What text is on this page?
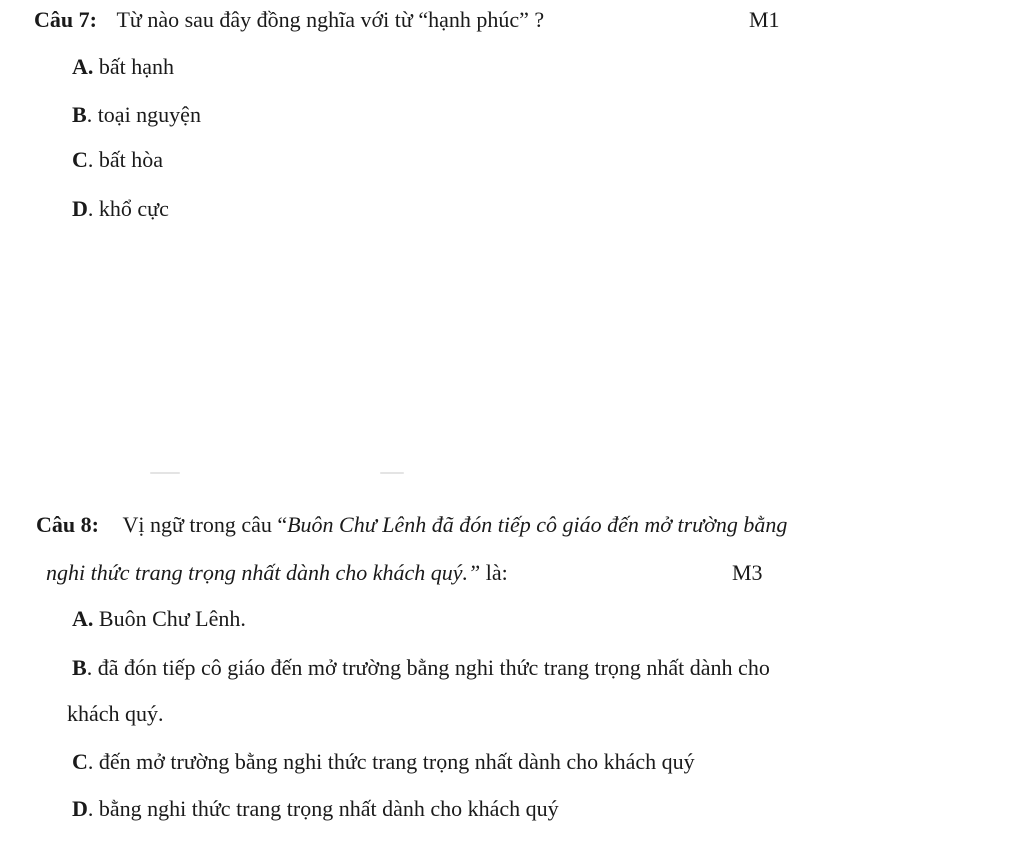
Câu 7: Từ nào sau đây đồng nghĩa với từ “hạnh phúc” ?	M1
A. bất hạnh
B. toại nguyện
C. bất hòa
D. khổ cực
Câu 8: Vị ngữ trong câu “Buôn Chư Lênh đã đón tiếp cô giáo đến mở trường bằng
nghi thức trang trọng nhất dành cho khách quý.” là:	M3
A. Buôn Chư Lênh.
B. đã đón tiếp cô giáo đến mở trường bằng nghi thức trang trọng nhất dành cho
khách quý.
C. đến mở trường bằng nghi thức trang trọng nhất dành cho khách quý
D. bằng nghi thức trang trọng nhất dành cho khách quý
